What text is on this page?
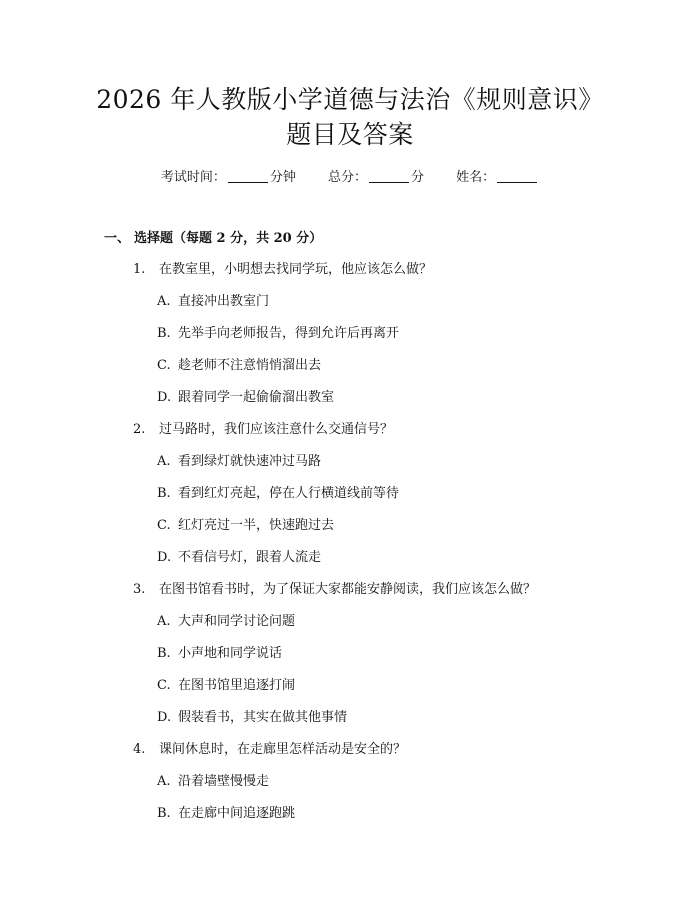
2026 年人教版小学道德与法治《规则意识》
题目及答案
考试时间：	分钟 总分：	分 姓名：
一、 选择题（每题 2 分，共 20 分）
1.	在教室里，小明想去找同学玩，他应该怎么做？
A. 直接冲出教室门
B. 先举手向老师报告，得到允许后再离开
C. 趁老师不注意悄悄溜出去
D. 跟着同学一起偷偷溜出教室
2.	过马路时，我们应该注意什么交通信号？
A. 看到绿灯就快速冲过马路
B. 看到红灯亮起，停在人行横道线前等待
C. 红灯亮过一半，快速跑过去
D. 不看信号灯，跟着人流走
3.	在图书馆看书时，为了保证大家都能安静阅读，我们应该怎么做？
A. 大声和同学讨论问题
B. 小声地和同学说话
C. 在图书馆里追逐打闹
D. 假装看书，其实在做其他事情
4.	课间休息时，在走廊里怎样活动是安全的？
A. 沿着墙壁慢慢走
B. 在走廊中间追逐跑跳
